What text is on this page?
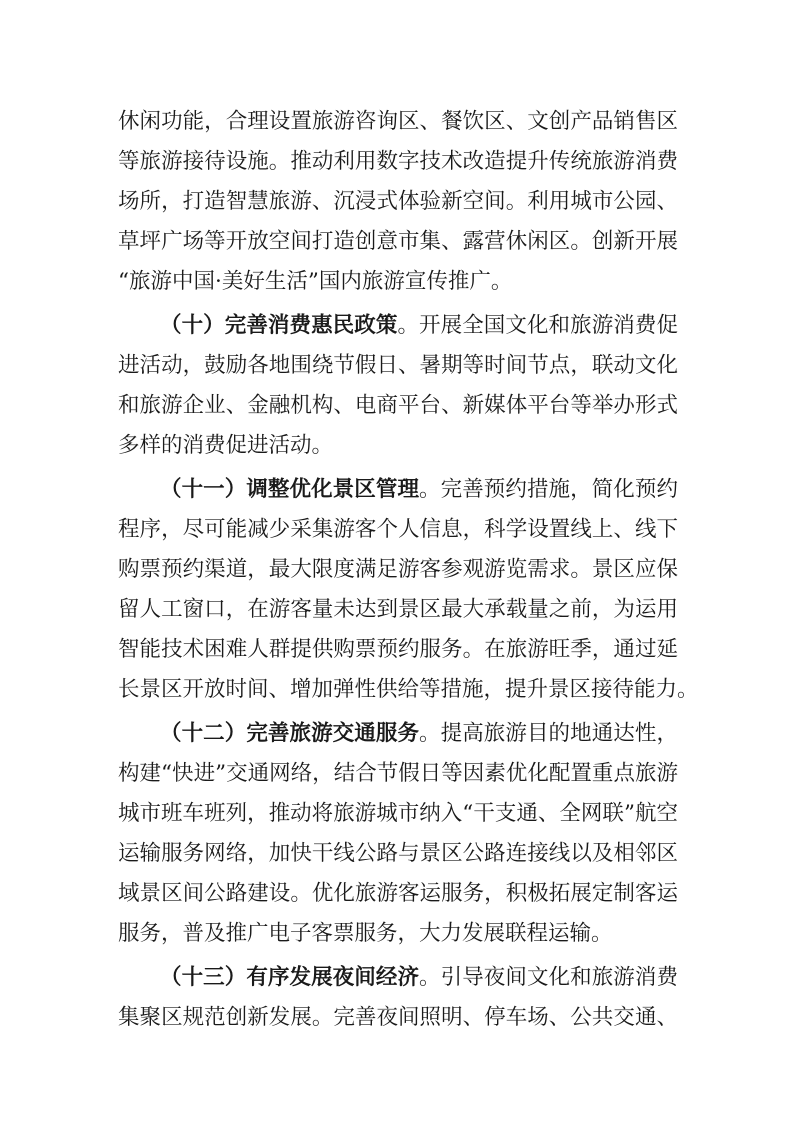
休闲功能，合理设置旅游咨询区、餐饮区、文创产品销售区
等旅游接待设施。推动利用数字技术改造提升传统旅游消费
场所，打造智慧旅游、沉浸式体验新空间。利用城市公园、
草坪广场等开放空间打造创意市集、露营休闲区。创新开展
“旅游中国·美好生活”国内旅游宣传推广。
（十）完善消费惠民政策。开展全国文化和旅游消费促
进活动，鼓励各地围绕节假日、暑期等时间节点，联动文化
和旅游企业、金融机构、电商平台、新媒体平台等举办形式
多样的消费促进活动。
（十一）调整优化景区管理。完善预约措施，简化预约
程序，尽可能减少采集游客个人信息，科学设置线上、线下
购票预约渠道，最大限度满足游客参观游览需求。景区应保
留人工窗口，在游客量未达到景区最大承载量之前，为运用
智能技术困难人群提供购票预约服务。在旅游旺季，通过延
长景区开放时间、增加弹性供给等措施，提升景区接待能力。
（十二）完善旅游交通服务。提高旅游目的地通达性，
构建“快进”交通网络，结合节假日等因素优化配置重点旅游
城市班车班列，推动将旅游城市纳入“干支通、全网联”航空
运输服务网络，加快干线公路与景区公路连接线以及相邻区
域景区间公路建设。优化旅游客运服务，积极拓展定制客运
服务，普及推广电子客票服务，大力发展联程运输。
（十三）有序发展夜间经济。引导夜间文化和旅游消费
集聚区规范创新发展。完善夜间照明、停车场、公共交通、
